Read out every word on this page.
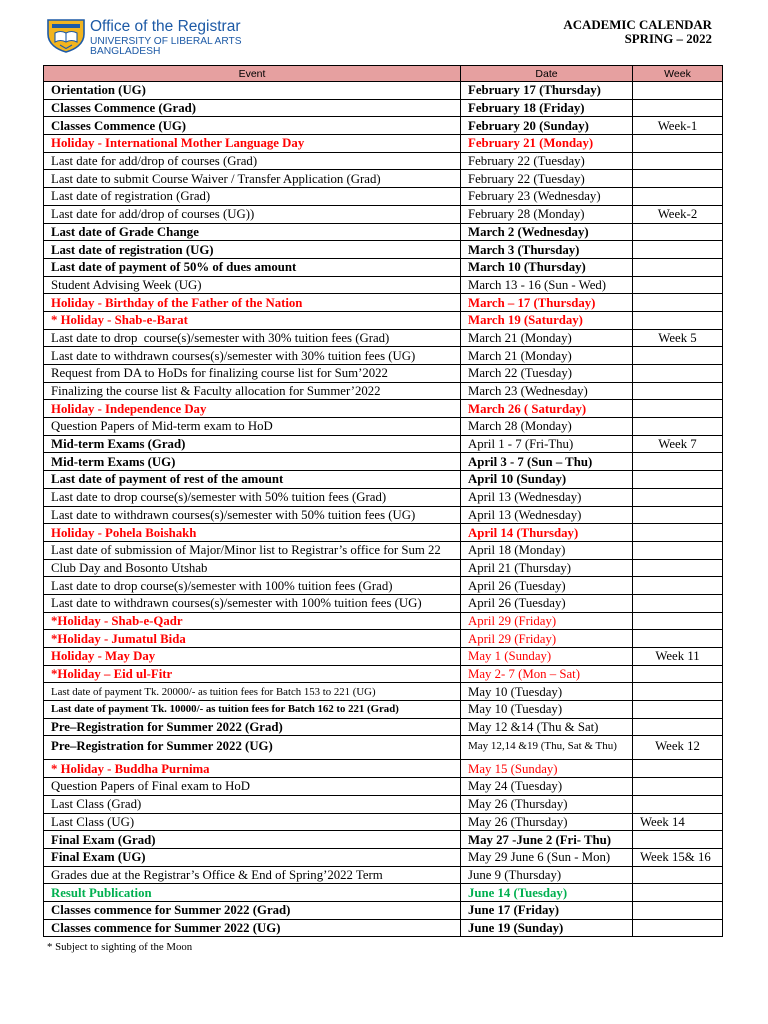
Office of the Registrar
UNIVERSITY OF LIBERAL ARTS
BANGLADESH
ACADEMIC CALENDAR
SPRING – 2022
Event	Date	Week
Orientation (UG)	February 17 (Thursday)	
Classes Commence (Grad)	February 18 (Friday)	
Classes Commence (UG)	February 20 (Sunday)	Week-1
Holiday - International Mother Language Day	February 21 (Monday)	
Last date for add/drop of courses (Grad)	February 22 (Tuesday)	
Last date to submit Course Waiver / Transfer Application (Grad)	February 22 (Tuesday)	
Last date of registration (Grad)	February 23 (Wednesday)	
Last date for add/drop of courses (UG))	February 28 (Monday)	Week-2
Last date of Grade Change	March 2 (Wednesday)	
Last date of registration (UG)	March 3 (Thursday)	
Last date of payment of 50% of dues amount	March 10 (Thursday)	
Student Advising Week (UG)	March 13 - 16 (Sun - Wed)	
Holiday - Birthday of the Father of the Nation	March – 17 (Thursday)	
* Holiday - Shab-e-Barat	March 19 (Saturday)	
Last date to drop  course(s)/semester with 30% tuition fees (Grad)	March 21 (Monday)	Week 5
Last date to withdrawn courses(s)/semester with 30% tuition fees (UG)	March 21 (Monday)	
Request from DA to HoDs for finalizing course list for Sum’2022	March 22 (Tuesday)	
Finalizing the course list & Faculty allocation for Summer’2022	March 23 (Wednesday)	
Holiday - Independence Day	March 26 ( Saturday)	
Question Papers of Mid-term exam to HoD	March 28 (Monday)	
Mid-term Exams (Grad)	April 1 - 7 (Fri-Thu)	Week 7
Mid-term Exams (UG)	April 3 - 7 (Sun – Thu)	
Last date of payment of rest of the amount	April 10 (Sunday)	
Last date to drop course(s)/semester with 50% tuition fees (Grad)	April 13 (Wednesday)	
Last date to withdrawn courses(s)/semester with 50% tuition fees (UG)	April 13 (Wednesday)	
Holiday - Pohela Boishakh	April 14 (Thursday)	
Last date of submission of Major/Minor list to Registrar’s office for Sum 22	April 18 (Monday)	
Club Day and Bosonto Utshab	April 21 (Thursday)	
Last date to drop course(s)/semester with 100% tuition fees (Grad)	April 26 (Tuesday)	
Last date to withdrawn courses(s)/semester with 100% tuition fees (UG)	April 26 (Tuesday)	
*Holiday - Shab-e-Qadr	April 29 (Friday)	
*Holiday - Jumatul Bida	April 29 (Friday)	
Holiday - May Day	May 1 (Sunday)	Week 11
*Holiday – Eid ul-Fitr	May 2- 7 (Mon – Sat)	
Last date of payment Tk. 20000/- as tuition fees for Batch 153 to 221 (UG)	May 10 (Tuesday)	
Last date of payment Tk. 10000/- as tuition fees for Batch 162 to 221 (Grad)	May 10 (Tuesday)	
Pre–Registration for Summer 2022 (Grad)	May 12 &14 (Thu & Sat)	
Pre–Registration for Summer 2022 (UG)	May 12,14 &19 (Thu, Sat & Thu)	Week 12
* Holiday - Buddha Purnima	May 15 (Sunday)	
Question Papers of Final exam to HoD	May 24 (Tuesday)	
Last Class (Grad)	May 26 (Thursday)	
Last Class (UG)	May 26 (Thursday)	Week 14
Final Exam (Grad)	May 27 -June 2 (Fri- Thu)	
Final Exam (UG)	May 29 June 6 (Sun - Mon)	Week 15& 16
Grades due at the Registrar’s Office & End of Spring’2022 Term	June 9 (Thursday)	
Result Publication	June 14 (Tuesday)	
Classes commence for Summer 2022 (Grad)	June 17 (Friday)	
Classes commence for Summer 2022 (UG)	June 19 (Sunday)	
* Subject to sighting of the Moon
